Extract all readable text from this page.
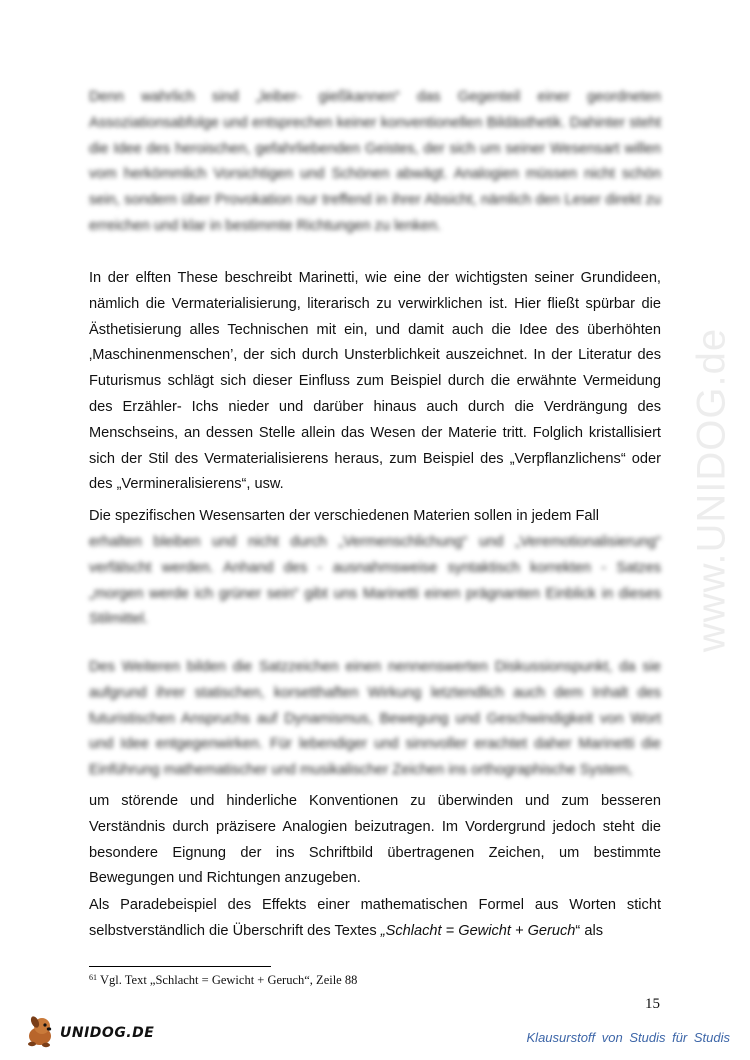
www.UNIDOG.de

Denn wahrlich sind „leiber- gießkannen“ das Gegenteil einer geordneten Assoziationsabfolge und entsprechen keiner konventionellen Bildästhetik. Dahinter steht die Idee des heroischen, gefahrliebenden Geistes, der sich um seiner Wesensart willen vom herkömmlich Vorsichtigen und Schönen abwägt. Analogien müssen nicht schön sein, sondern über Provokation nur treffend in ihrer Absicht, nämlich den Leser direkt zu erreichen und klar in bestimmte Richtungen zu lenken.

In der elften These beschreibt Marinetti, wie eine der wichtigsten seiner Grundideen, nämlich die Vermaterialisierung, literarisch zu verwirklichen ist. Hier fließt spürbar die Ästhetisierung alles Technischen mit ein, und damit auch die Idee des überhöhten ‚Maschinenmenschen’, der sich durch Unsterblichkeit auszeichnet. In der Literatur des Futurismus schlägt sich dieser Einfluss zum Beispiel durch die erwähnte Vermeidung des Erzähler- Ichs nieder und darüber hinaus auch durch die Verdrängung des Menschseins, an dessen Stelle allein das Wesen der Materie tritt. Folglich kristallisiert sich der Stil des Vermaterialisierens heraus, zum Beispiel des „Verpflanzlichens“ oder des „Vermineralisierens“, usw.

Die spezifischen Wesensarten der verschiedenen Materien sollen in jedem Fall

erhalten bleiben und nicht durch „Vermenschlichung“ und „Veremotionalisierung“ verfälscht werden. Anhand des - ausnahmsweise syntaktisch korrekten - Satzes „morgen werde ich grüner sein“ gibt uns Marinetti einen prägnanten Einblick in dieses Stilmittel.

Des Weiteren bilden die Satzzeichen einen nennenswerten Diskussionspunkt, da sie aufgrund ihrer statischen, korsetthaften Wirkung letztendlich auch dem Inhalt des futuristischen Anspruchs auf Dynamismus, Bewegung und Geschwindigkeit von Wort und Idee entgegenwirken. Für lebendiger und sinnvoller erachtet daher Marinetti die Einführung mathematischer und musikalischer Zeichen ins orthographische System,

um störende und hinderliche Konventionen zu überwinden und zum besseren Verständnis durch präzisere Analogien beizutragen. Im Vordergrund jedoch steht die besondere Eignung der ins Schriftbild übertragenen Zeichen, um bestimmte Bewegungen und Richtungen anzugeben.

Als Paradebeispiel des Effekts einer mathematischen Formel aus Worten sticht selbstverständlich die Überschrift des Textes „Schlacht = Gewicht + Geruch“ als

$^{61}$ Vgl. Text „Schlacht = Gewicht + Geruch“, Zeile 88
15
UNIDOG.DE	Klausurstoff von Studis für Studis
